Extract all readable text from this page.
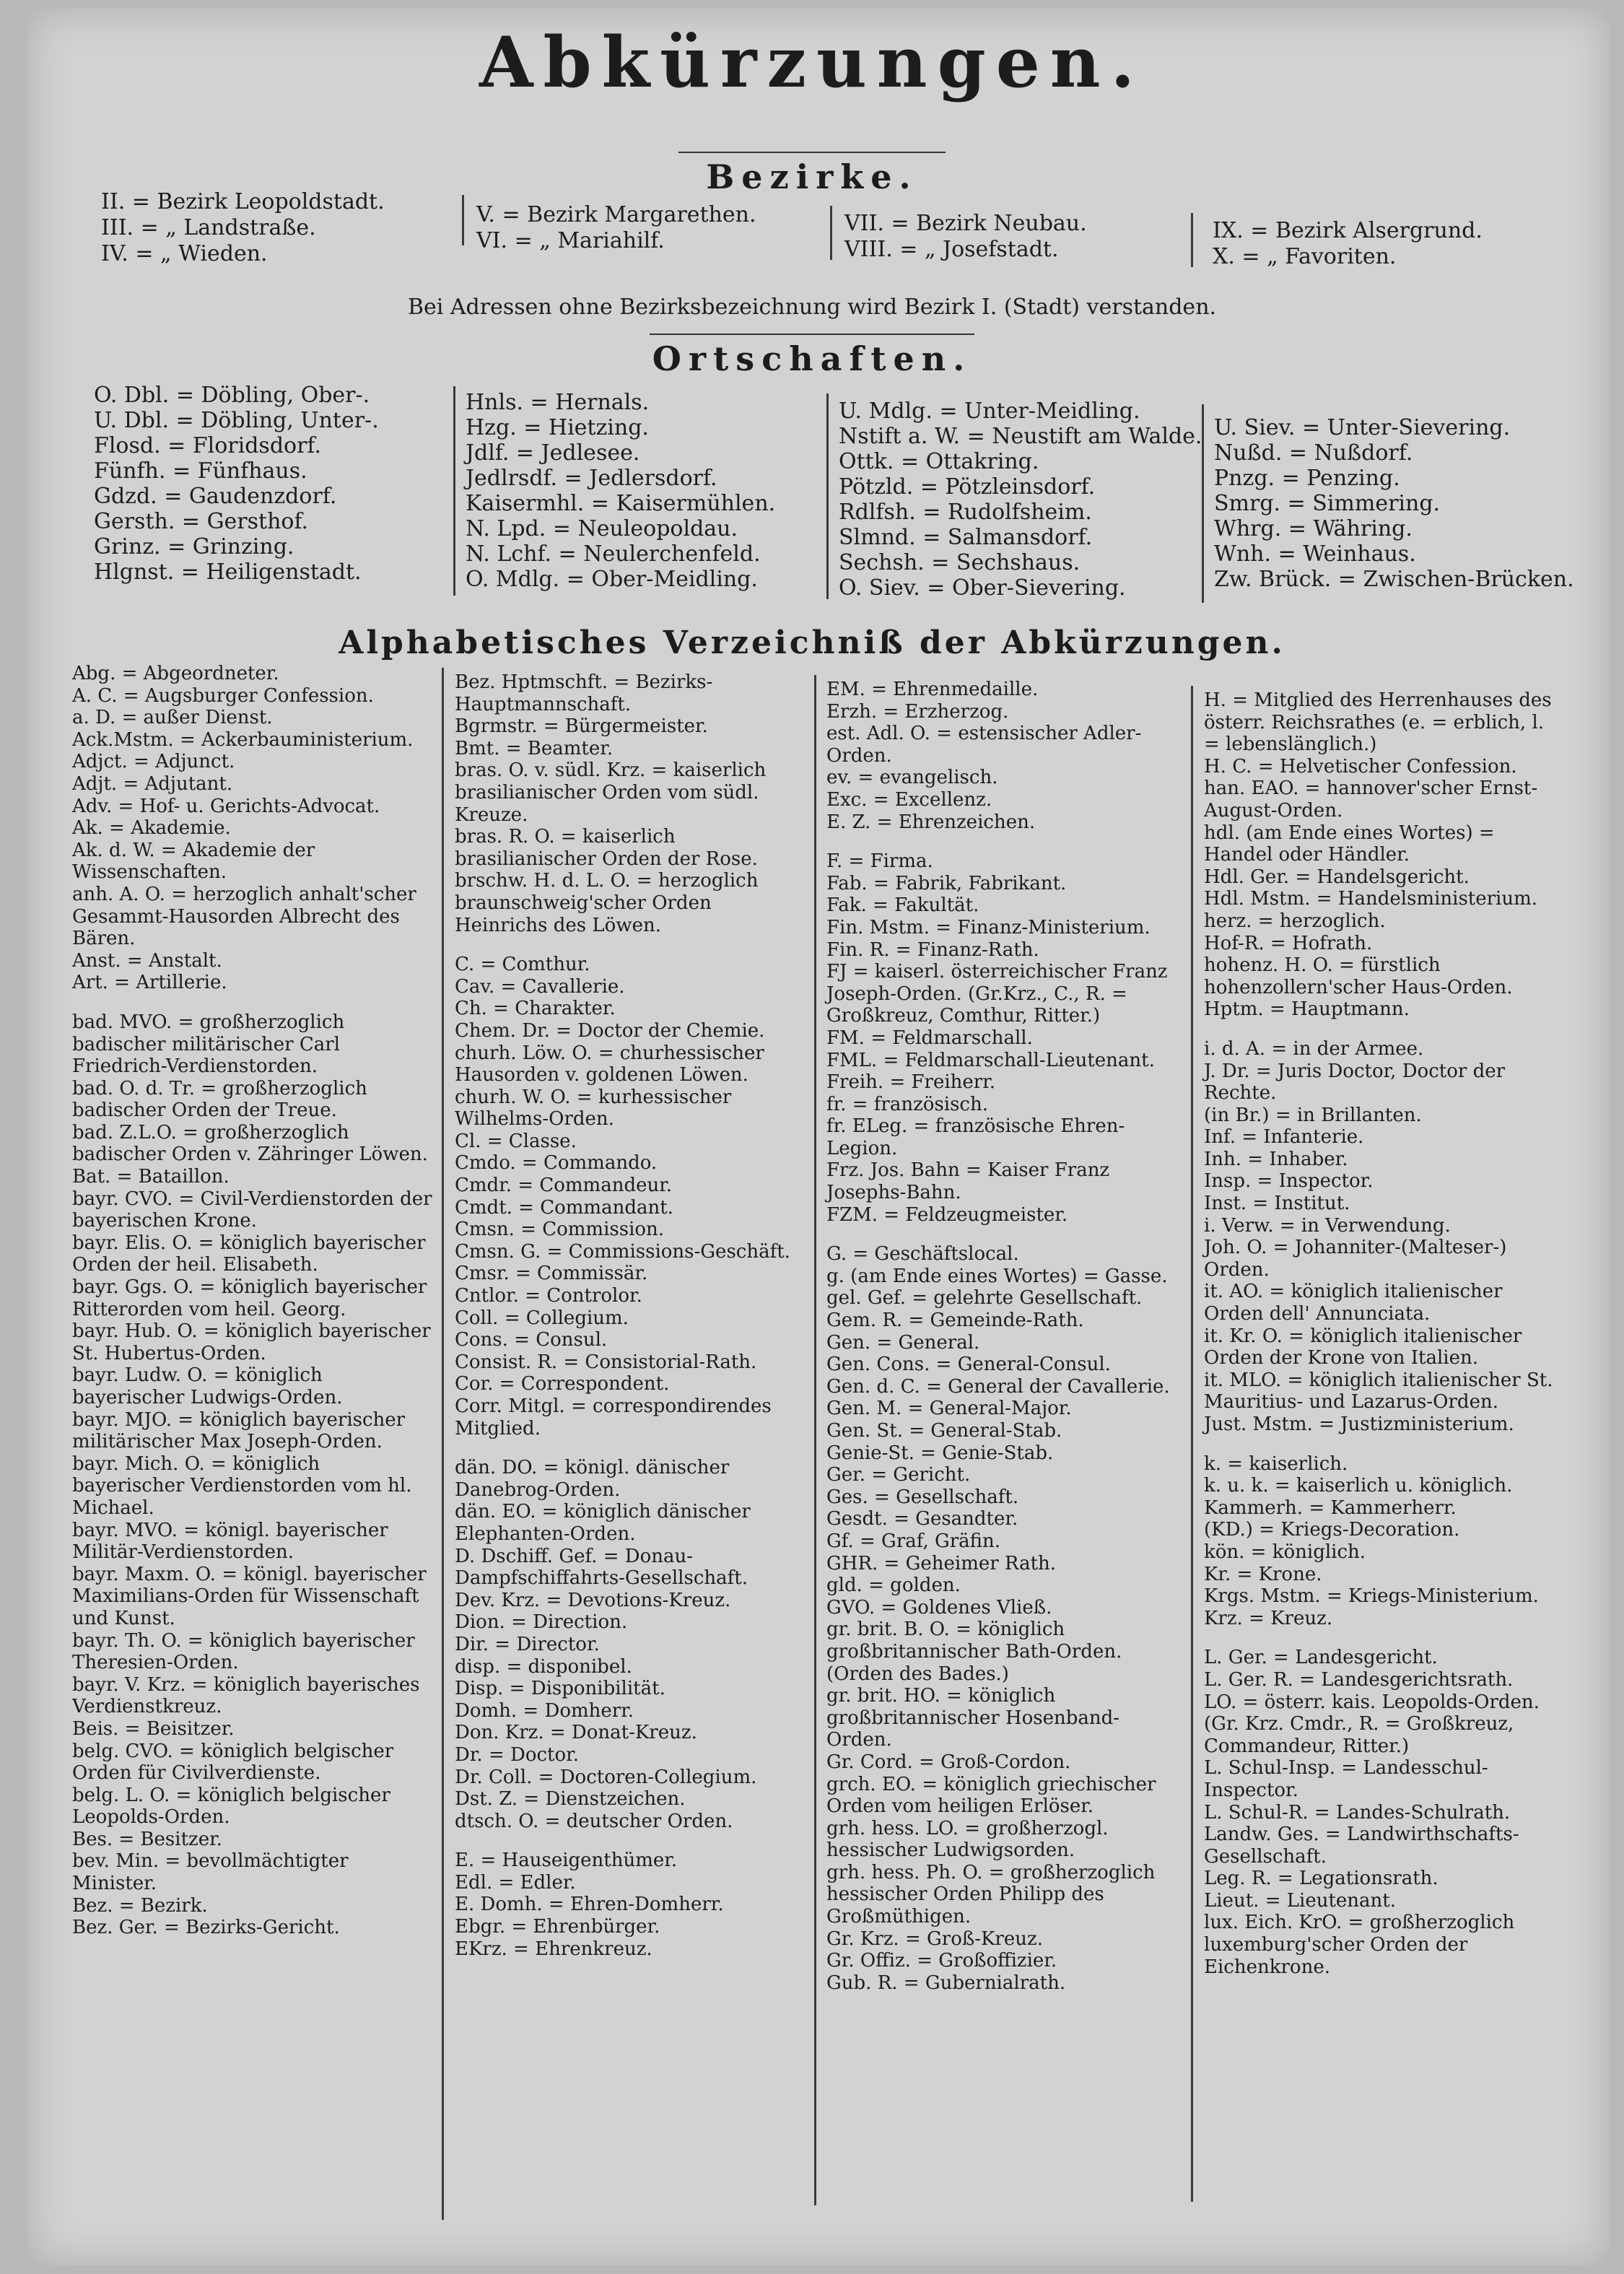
Abkürzungen.
Bezirke.
II. = Bezirk Leopoldstadt.
III. = „ Landstraße.
IV. = „ Wieden.
V. = Bezirk Margarethen.
VI. = „ Mariahilf.
VII. = Bezirk Neubau.
VIII. = „ Josefstadt.
IX. = Bezirk Alsergrund.
X. = „ Favoriten.
Bei Adressen ohne Bezirksbezeichnung wird Bezirk I. (Stadt) verstanden.
Ortschaften.
O. Dbl. = Döbling, Ober-.
U. Dbl. = Döbling, Unter-.
Flosd. = Floridsdorf.
Fünfh. = Fünfhaus.
Gdzd. = Gaudenzdorf.
Gersth. = Gersthof.
Grinz. = Grinzing.
Hlgnst. = Heiligenstadt.
Hnls. = Hernals.
Hzg. = Hietzing.
Jdlf. = Jedlesee.
Jedlrsdf. = Jedlersdorf.
Kaisermhl. = Kaisermühlen.
N. Lpd. = Neuleopoldau.
N. Lchf. = Neulerchenfeld.
O. Mdlg. = Ober-Meidling.
U. Mdlg. = Unter-Meidling.
Nstift a. W. = Neustift am Walde.
Ottk. = Ottakring.
Pötzld. = Pötzleinsdorf.
Rdlfsh. = Rudolfsheim.
Slmnd. = Salmansdorf.
Sechsh. = Sechshaus.
O. Siev. = Ober-Sievering.
U. Siev. = Unter-Sievering.
Nußd. = Nußdorf.
Pnzg. = Penzing.
Smrg. = Simmering.
Whrg. = Währing.
Wnh. = Weinhaus.
Zw. Brück. = Zwischen-Brücken.
Alphabetisches Verzeichniß der Abkürzungen.
Abg. = Abgeordneter.
A. C. = Augsburger Confession.
a. D. = außer Dienst.
Ack.Mstm. = Ackerbauministerium.
Adjct. = Adjunct.
Adjt. = Adjutant.
Adv. = Hof- u. Gerichts-Advocat.
Ak. = Akademie.
Ak. d. W. = Akademie der Wissenschaften.
anh. A. O. = herzoglich anhalt'scher Gesammt-Hausorden Albrecht des Bären.
Anst. = Anstalt.
Art. = Artillerie.
bad. MVO. = großherzoglich badischer militärischer Carl Friedrich-Verdienstorden.
bad. O. d. Tr. = großherzoglich badischer Orden der Treue.
bad. Z.L.O. = großherzoglich badischer Orden v. Zähringer Löwen.
Bat. = Bataillon.
bayr. CVO. = Civil-Verdienstorden der bayerischen Krone.
bayr. Elis. O. = königlich bayerischer Orden der heil. Elisabeth.
bayr. Ggs. O. = königlich bayerischer Ritterorden vom heil. Georg.
bayr. Hub. O. = königlich bayerischer St. Hubertus-Orden.
bayr. Ludw. O. = königlich bayerischer Ludwigs-Orden.
bayr. MJO. = königlich bayerischer militärischer Max Joseph-Orden.
bayr. Mich. O. = königlich bayerischer Verdienstorden vom hl. Michael.
bayr. MVO. = königl. bayerischer Militär-Verdienstorden.
bayr. Maxm. O. = königl. bayerischer Maximilians-Orden für Wissenschaft und Kunst.
bayr. Th. O. = königlich bayerischer Theresien-Orden.
bayr. V. Krz. = königlich bayerisches Verdienstkreuz.
Beis. = Beisitzer.
belg. CVO. = königlich belgischer Orden für Civilverdienste.
belg. L. O. = königlich belgischer Leopolds-Orden.
Bes. = Besitzer.
bev. Min. = bevollmächtigter Minister.
Bez. = Bezirk.
Bez. Ger. = Bezirks-Gericht.
Bez. Hptmschft. = Bezirks-Hauptmannschaft.
Bgrmstr. = Bürgermeister.
Bmt. = Beamter.
bras. O. v. südl. Krz. = kaiserlich brasilianischer Orden vom südl. Kreuze.
bras. R. O. = kaiserlich brasilianischer Orden der Rose.
brschw. H. d. L. O. = herzoglich braunschweig'scher Orden Heinrichs des Löwen.
C. = Comthur.
Cav. = Cavallerie.
Ch. = Charakter.
Chem. Dr. = Doctor der Chemie.
churh. Löw. O. = churhessischer Hausorden v. goldenen Löwen.
churh. W. O. = kurhessischer Wilhelms-Orden.
Cl. = Classe.
Cmdo. = Commando.
Cmdr. = Commandeur.
Cmdt. = Commandant.
Cmsn. = Commission.
Cmsn. G. = Commissions-Geschäft.
Cmsr. = Commissär.
Cntlor. = Controlor.
Coll. = Collegium.
Cons. = Consul.
Consist. R. = Consistorial-Rath.
Cor. = Correspondent.
Corr. Mitgl. = correspondirendes Mitglied.
dän. DO. = königl. dänischer Danebrog-Orden.
dän. EO. = königlich dänischer Elephanten-Orden.
D. Dschiff. Gef. = Donau-Dampfschiffahrts-Gesellschaft.
Dev. Krz. = Devotions-Kreuz.
Dion. = Direction.
Dir. = Director.
disp. = disponibel.
Disp. = Disponibilität.
Domh. = Domherr.
Don. Krz. = Donat-Kreuz.
Dr. = Doctor.
Dr. Coll. = Doctoren-Collegium.
Dst. Z. = Dienstzeichen.
dtsch. O. = deutscher Orden.
E. = Hauseigenthümer.
Edl. = Edler.
E. Domh. = Ehren-Domherr.
Ebgr. = Ehrenbürger.
EKrz. = Ehrenkreuz.
EM. = Ehrenmedaille.
Erzh. = Erzherzog.
est. Adl. O. = estensischer Adler-Orden.
ev. = evangelisch.
Exc. = Excellenz.
E. Z. = Ehrenzeichen.
F. = Firma.
Fab. = Fabrik, Fabrikant.
Fak. = Fakultät.
Fin. Mstm. = Finanz-Ministerium.
Fin. R. = Finanz-Rath.
FJ = kaiserl. österreichischer Franz Joseph-Orden. (Gr.Krz., C., R. = Großkreuz, Comthur, Ritter.)
FM. = Feldmarschall.
FML. = Feldmarschall-Lieutenant.
Freih. = Freiherr.
fr. = französisch.
fr. ELeg. = französische Ehren-Legion.
Frz. Jos. Bahn = Kaiser Franz Josephs-Bahn.
FZM. = Feldzeugmeister.
G. = Geschäftslocal.
g. (am Ende eines Wortes) = Gasse.
gel. Gef. = gelehrte Gesellschaft.
Gem. R. = Gemeinde-Rath.
Gen. = General.
Gen. Cons. = General-Consul.
Gen. d. C. = General der Cavallerie.
Gen. M. = General-Major.
Gen. St. = General-Stab.
Genie-St. = Genie-Stab.
Ger. = Gericht.
Ges. = Gesellschaft.
Gesdt. = Gesandter.
Gf. = Graf, Gräfin.
GHR. = Geheimer Rath.
gld. = golden.
GVO. = Goldenes Vließ.
gr. brit. B. O. = königlich großbritannischer Bath-Orden. (Orden des Bades.)
gr. brit. HO. = königlich großbritannischer Hosenband-Orden.
Gr. Cord. = Groß-Cordon.
grch. EO. = königlich griechischer Orden vom heiligen Erlöser.
grh. hess. LO. = großherzogl. hessischer Ludwigsorden.
grh. hess. Ph. O. = großherzoglich hessischer Orden Philipp des Großmüthigen.
Gr. Krz. = Groß-Kreuz.
Gr. Offiz. = Großoffizier.
Gub. R. = Gubernialrath.
H. = Mitglied des Herrenhauses des österr. Reichsrathes (e. = erblich, l. = lebenslänglich.)
H. C. = Helvetischer Confession.
han. EAO. = hannover'scher Ernst-August-Orden.
hdl. (am Ende eines Wortes) = Handel oder Händler.
Hdl. Ger. = Handelsgericht.
Hdl. Mstm. = Handelsministerium.
herz. = herzoglich.
Hof-R. = Hofrath.
hohenz. H. O. = fürstlich hohenzollern'scher Haus-Orden.
Hptm. = Hauptmann.
i. d. A. = in der Armee.
J. Dr. = Juris Doctor, Doctor der Rechte.
(in Br.) = in Brillanten.
Inf. = Infanterie.
Inh. = Inhaber.
Insp. = Inspector.
Inst. = Institut.
i. Verw. = in Verwendung.
Joh. O. = Johanniter-(Malteser-) Orden.
it. AO. = königlich italienischer Orden dell' Annunciata.
it. Kr. O. = königlich italienischer Orden der Krone von Italien.
it. MLO. = königlich italienischer St. Mauritius- und Lazarus-Orden.
Just. Mstm. = Justizministerium.
k. = kaiserlich.
k. u. k. = kaiserlich u. königlich.
Kammerh. = Kammerherr.
(KD.) = Kriegs-Decoration.
kön. = königlich.
Kr. = Krone.
Krgs. Mstm. = Kriegs-Ministerium.
Krz. = Kreuz.
L. Ger. = Landesgericht.
L. Ger. R. = Landesgerichtsrath.
LO. = österr. kais. Leopolds-Orden. (Gr. Krz. Cmdr., R. = Großkreuz, Commandeur, Ritter.)
L. Schul-Insp. = Landesschul-Inspector.
L. Schul-R. = Landes-Schulrath.
Landw. Ges. = Landwirthschafts-Gesellschaft.
Leg. R. = Legationsrath.
Lieut. = Lieutenant.
lux. Eich. KrO. = großherzoglich luxemburg'scher Orden der Eichenkrone.
